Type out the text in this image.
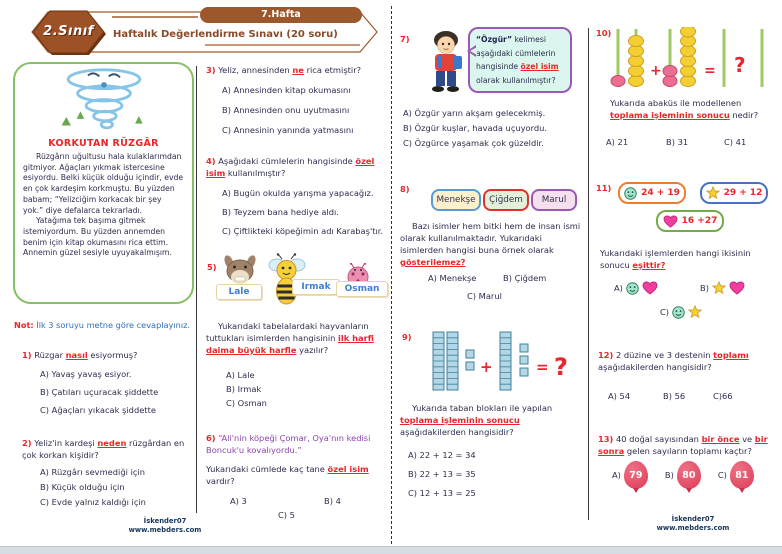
7.Hafta
2.Sınıf	Haftalık Değerlendirme Sınavı (20 soru)
KORKUTAN RÜZGÂR

Rüzgârın uğultusu hala kulaklarımdan gitmiyor. Ağaçları yıkmak istercesine esiyordu. Belki küçük olduğu içindir, evde en çok kardeşim korkmuştu. Bu yüzden babam; “Yelizciğim korkacak bir şey yok.” diye defalarca tekrarladı.

Yatağıma tek başıma gitmek istemiyordum. Bu yüzden annemden benim için kitap okumasını rica ettim. Annemin güzel sesiyle uyuyakalmışım.

Not: İlk 3 soruyu metne göre cevaplayınız.
1) Rüzgar nasıl esiyormuş?
A) Yavaş yavaş esiyor.
B) Çatıları uçuracak şiddette
C) Ağaçları yıkacak şiddette
2) Yeliz'in kardeşi neden rüzgârdan en çok korkan kişidir?
A) Rüzgârı sevmediği için
B) Küçük olduğu için
C) Evde yalnız kaldığı için
3) Yeliz, annesinden ne rica etmiştir?
A) Annesinden kitap okumasını
B) Annesinden onu uyutmasını
C) Annesinin yanında yatmasını
4) Aşağıdaki cümlelerin hangisinde özel isim kullanılmıştır?
A) Bugün okulda yarışma yapacağız.
B) Teyzem bana hediye aldı.
C) Çiftlikteki köpeğimin adı Karabaş'tır.
5)
Lale	Irmak	Osman
Yukarıdaki tabelalardaki hayvanların tuttukları isimlerden hangisinin ilk harfi daima büyük harfle yazılır?
A) Lale
B) Irmak
C) Osman
6) “Ali'nin köpeği Çomar, Oya'nın kedisi Boncuk'u kovalıyordu.”
Yukarıdaki cümlede kaç tane özel isim vardır?
A) 3	B) 4
C) 5
7)	“Özgür” kelimesi aşağıdaki cümlelerin hangisinde özel isim olarak kullanılmıştır?
A) Özgür yarın akşam gelecekmiş.
B) Özgür kuşlar, havada uçuyordu.
C) Özgürce yaşamak çok güzeldir.
8)
Menekşe	Çiğdem	Marul
Bazı isimler hem bitki hem de insan ismi olarak kullanılmaktadır. Yukarıdaki isimlerden hangisi buna örnek olarak gösterilemez?
A) Menekşe	B) Çiğdem
C) Marul
9)
+	= ?
Yukarıda taban blokları ile yapılan toplama işleminin sonucu aşağıdakilerden hangisidir?
A) 22 + 12 = 34
B) 22 + 13 = 35
C) 12 + 13 = 25
10)
+	= ?
Yukarıda abaküs ile modellenen toplama işleminin sonucu nedir?
A) 21	B) 31	C) 41
11)	24 + 19	29 + 12
16 +27
Yukarıdaki işlemlerden hangi ikisinin sonucu eşittir?
A)	B)
C)
12) 2 düzine ve 3 destenin toplamı aşağıdakilerden hangisidir?
A) 54	B) 56	C)66
13) 40 doğal sayısından bir önce ve bir sonra gelen sayıların toplamı kaçtır?
A) 79	B) 80	C) 81
İskender07
www.mebders.com
İskender07
www.mebders.com
